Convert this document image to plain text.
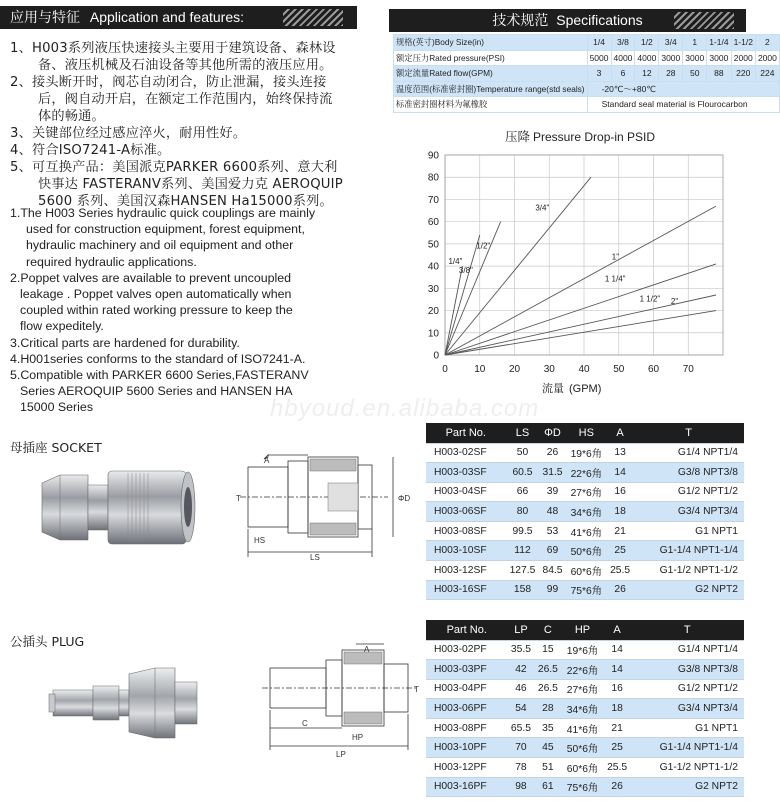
应用与特征 Application and features:	技术规范 Specifications
1、H003系列液压快速接头主要用于建筑设备、森林设
备、液压机械及石油设备等其他所需的液压应用。
2、接头断开时，阀芯自动闭合，防止泄漏，接头连接
后，阀自动开启，在额定工作范围内，始终保持流
体的畅通。
3、关键部位经过感应淬火，耐用性好。
4、符合ISO7241-A标准。
5、可互换产品：美国派克PARKER 6600系列、意大利
快事达 FASTERANV系列、美国爱力克 AEROQUIP
5600 系列、美国汉森HANSEN Ha15000系列。
1.The H003 Series hydraulic quick couplings are mainly
used for construction equipment, forest equipment,
hydraulic machinery and oil equipment and other
required hydraulic applications.
2.Poppet valves are available to prevent uncoupled
leakage . Poppet valves open automatically when
coupled within rated working pressure to keep the
flow expeditely.
3.Critical parts are hardened for durability.
4.H001series conforms to the standard of ISO7241-A.
5.Compatible with PARKER 6600 Series,FASTERANV
Series AEROQUIP 5600 Series and HANSEN HA
15000 Series
规格(英寸)Body Size(in)	1/4	3/8	1/2	3/4	1	1-1/4	1-1/2	2
额定压力Rated pressure(PSI)	5000	4000	4000	3000	3000	3000	2000	2000
额定流量Rated flow(GPM)	3	6	12	28	50	88	220	224
温度范围(标准密封圈)Temperature range(std seals)	-20℃～+80℃							
标准密封圈材料为氟橡胶	Standard seal material is Flourocarbon							
0
10
20
30
40
50
60
70
80
90
0	10 20 30 40 50 60 70
1/4"
3/8"
1/2"
3/4"
1"
1 1/4"
1 1/2" 2"
压降 Pressure Drop-in PSID
流量 (GPM)
hbyoud.en.alibaba.com
母插座 SOCKET
A
T
HS
LS
ΦD
Part No.	LS	ΦD	HS	A	T
H003-02SF	50	26	19*6角	13	G1/4 NPT1/4
H003-03SF	60.5	31.5	22*6角	14	G3/8 NPT3/8
H003-04SF	66	39	27*6角	16	G1/2 NPT1/2
H003-06SF	80	48	34*6角	18	G3/4 NPT3/4
H003-08SF	99.5	53	41*6角	21	G1 NPT1
H003-10SF	112	69	50*6角	25	G1-1/4 NPT1-1/4
H003-12SF	127.5	84.5	60*6角	25.5	G1-1/2 NPT1-1/2
H003-16SF	158	99	75*6角	26	G2 NPT2
公插头 PLUG
A
T
C
HP
LP
Part No.	LP	C	HP	A	T
H003-02PF	35.5	15	19*6角	14	G1/4 NPT1/4
H003-03PF	42	26.5	22*6角	14	G3/8 NPT3/8
H003-04PF	46	26.5	27*6角	16	G1/2 NPT1/2
H003-06PF	54	28	34*6角	18	G3/4 NPT3/4
H003-08PF	65.5	35	41*6角	21	G1 NPT1
H003-10PF	70	45	50*6角	25	G1-1/4 NPT1-1/4
H003-12PF	78	51	60*6角	25.5	G1-1/2 NPT1-1/2
H003-16PF	98	61	75*6角	26	G2 NPT2
